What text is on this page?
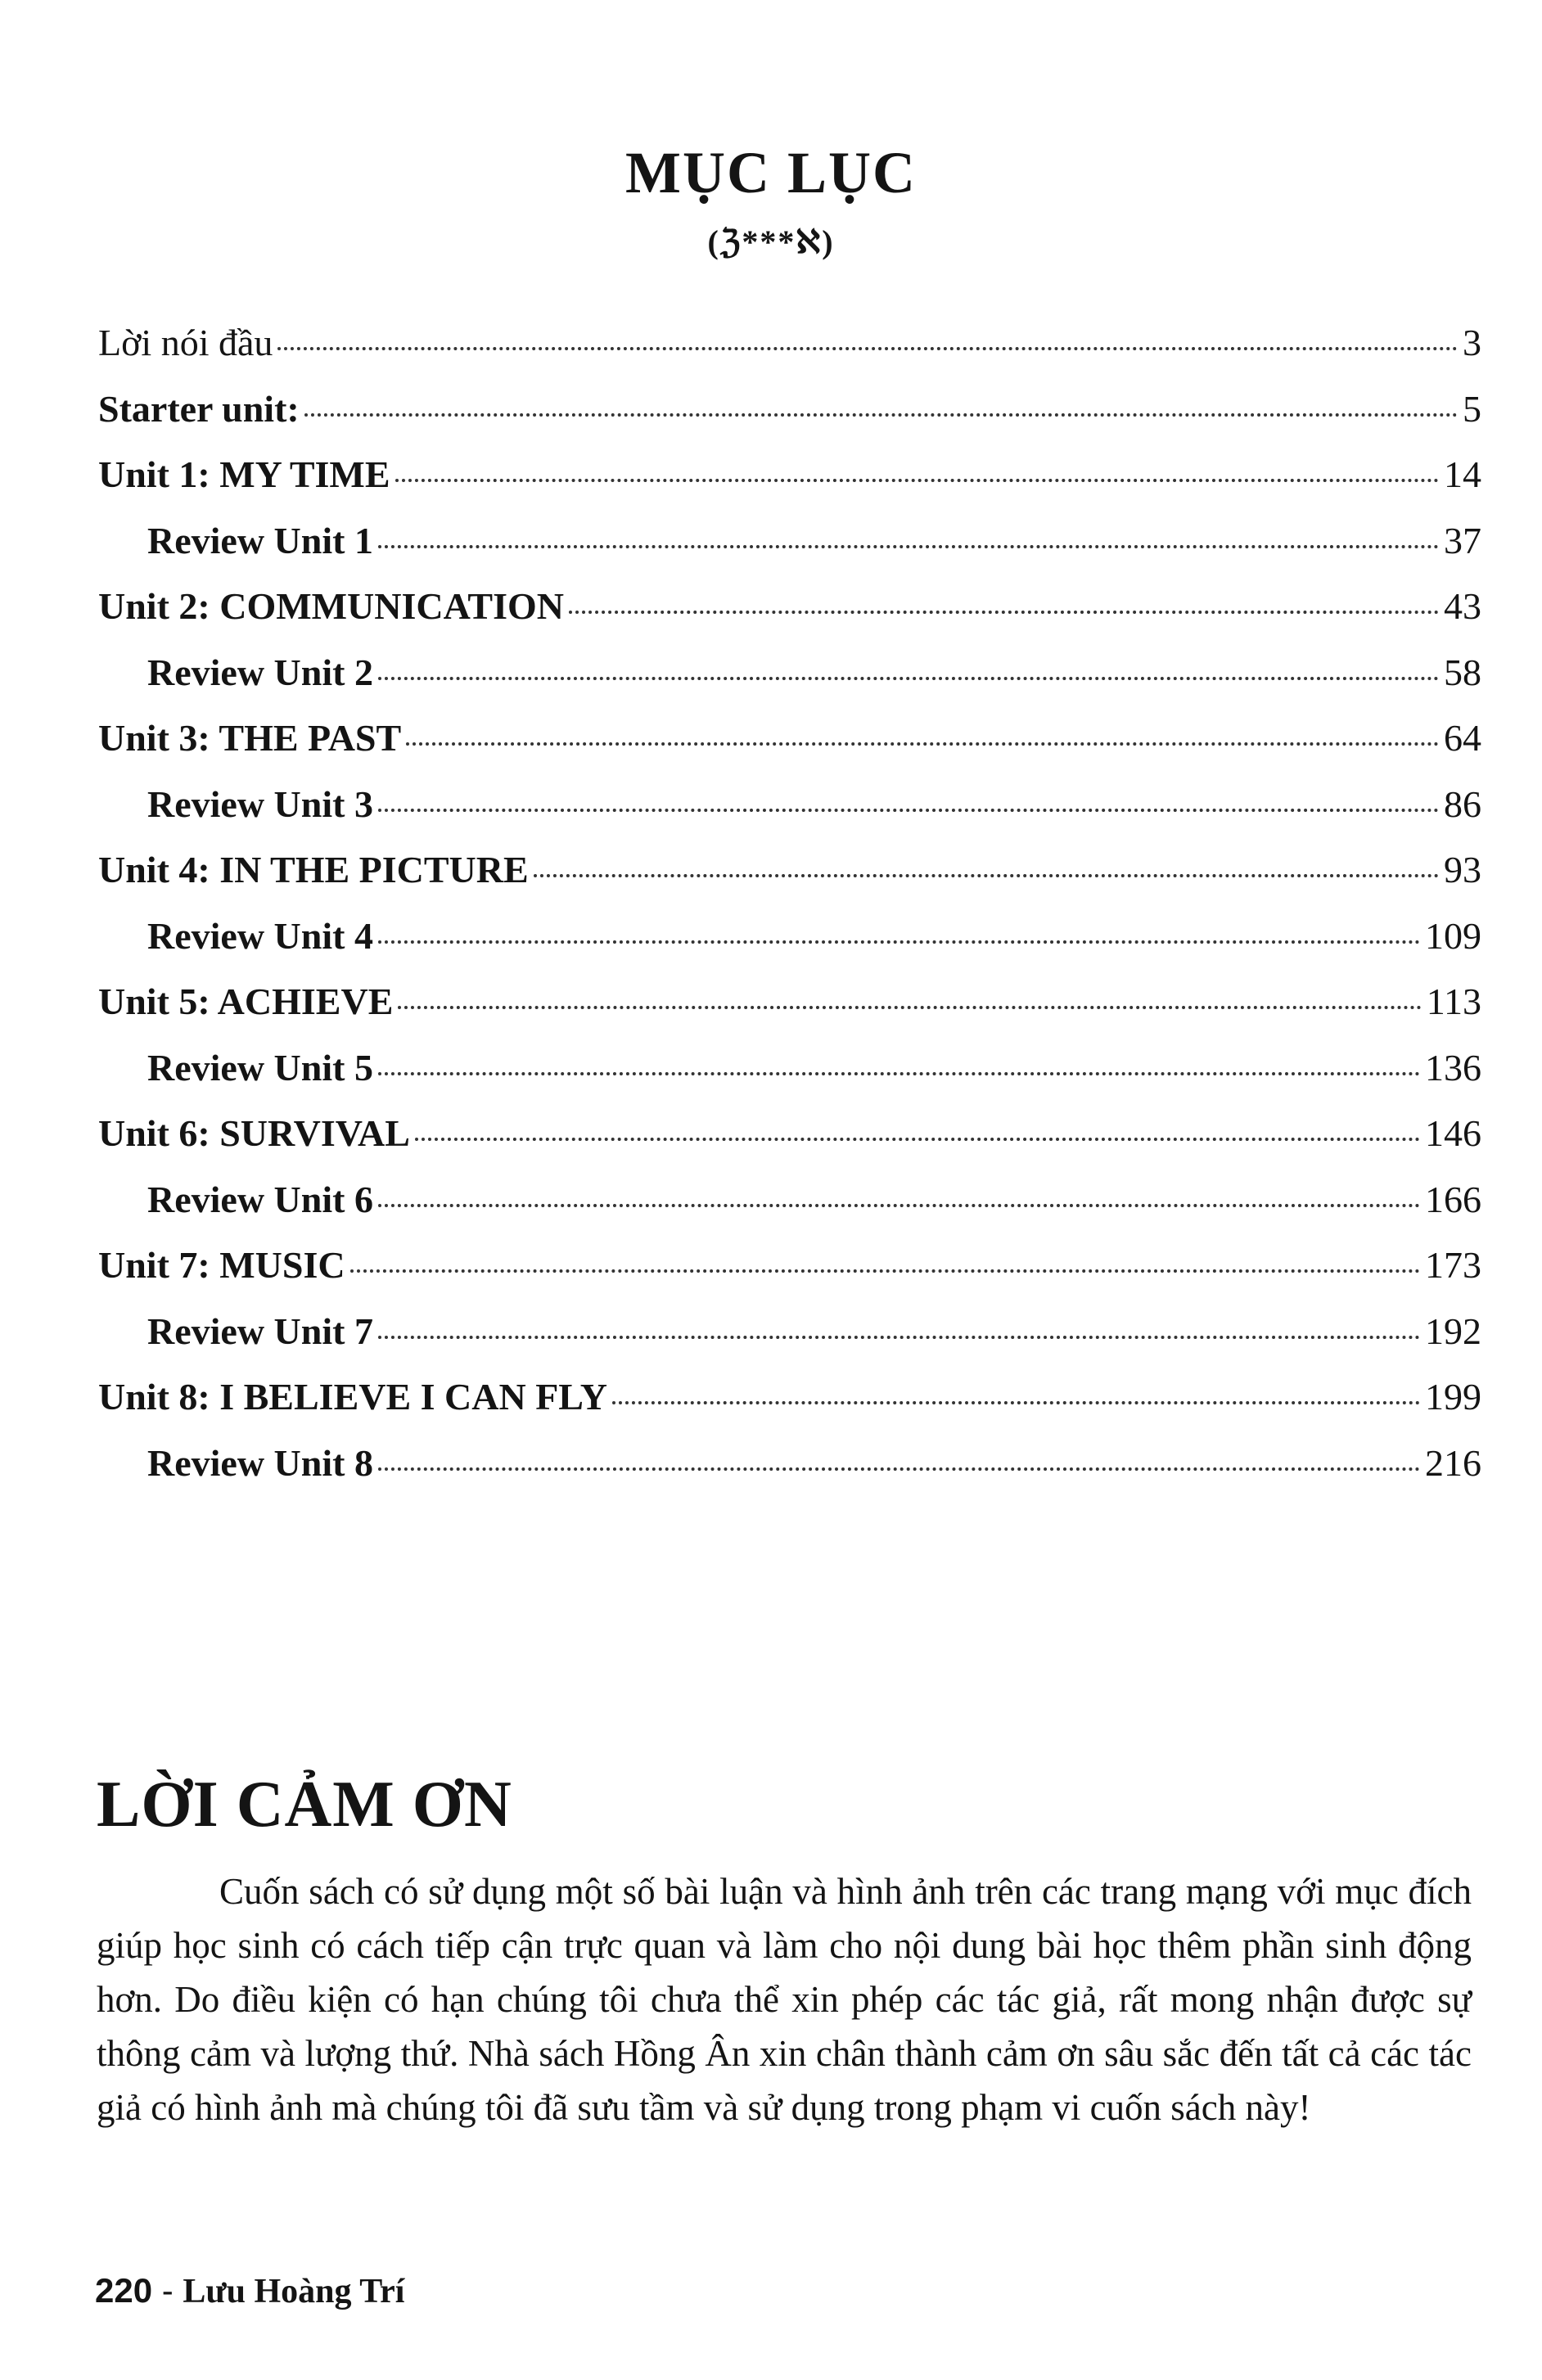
MỤC LỤC
(ℨ***ℵ)
Lời nói đầu	3
Starter unit:	5
Unit 1: MY TIME	14
Review Unit 1	37
Unit 2: COMMUNICATION	43
Review Unit 2	58
Unit 3: THE PAST	64
Review Unit 3	86
Unit 4: IN THE PICTURE	93
Review Unit 4	109
Unit 5: ACHIEVE	113
Review Unit 5	136
Unit 6: SURVIVAL	146
Review Unit 6	166
Unit 7: MUSIC	173
Review Unit 7	192
Unit 8: I BELIEVE I CAN FLY	199
Review Unit 8	216
LỜI CẢM ƠN

Cuốn sách có sử dụng một số bài luận và hình ảnh trên các trang mạng với mục đích giúp học sinh có cách tiếp cận trực quan và làm cho nội dung bài học thêm phần sinh động hơn. Do điều kiện có hạn chúng tôi chưa thể xin phép các tác giả, rất mong nhận được sự thông cảm và lượng thứ. Nhà sách Hồng Ân xin chân thành cảm ơn sâu sắc đến tất cả các tác giả có hình ảnh mà chúng tôi đã sưu tầm và sử dụng trong phạm vi cuốn sách này!

220 - Lưu Hoàng Trí
